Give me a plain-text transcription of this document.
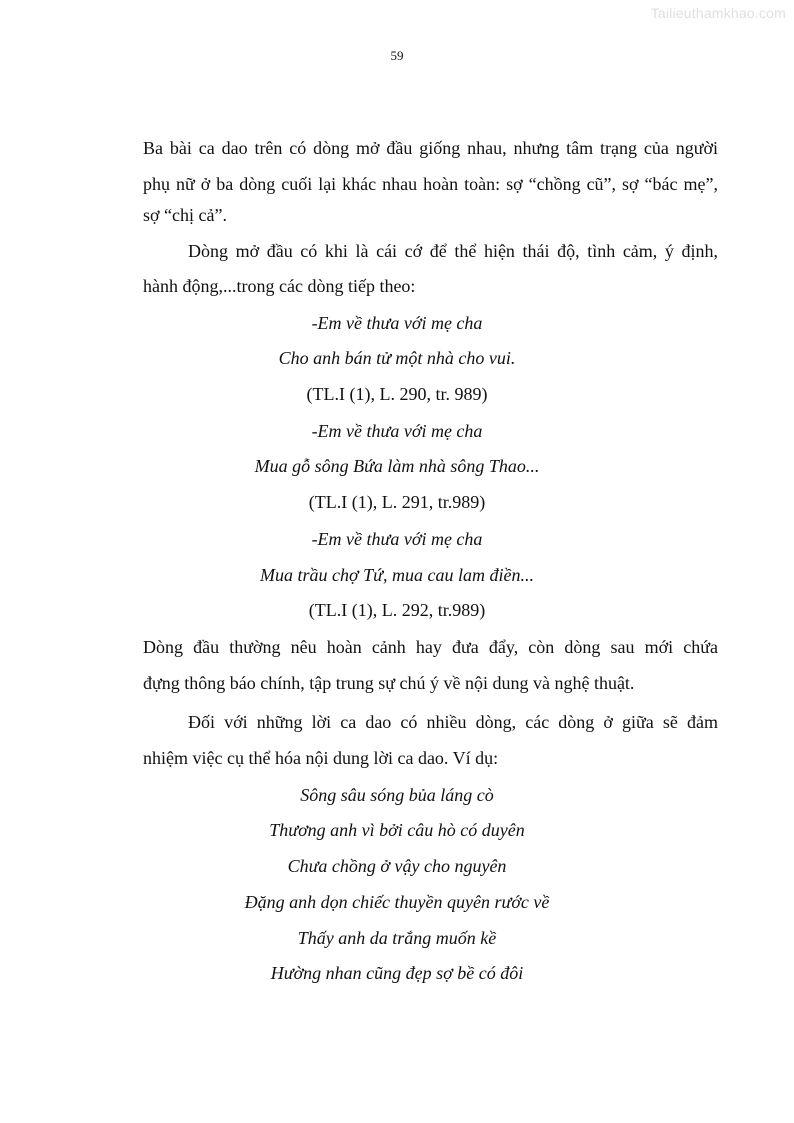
Tailieuthamkhao.com
59
Ba bài ca dao trên có dòng mở đầu giống nhau, nhưng tâm trạng của người
phụ nữ ở ba dòng cuối lại khác nhau hoàn toàn: sợ “chồng cũ”, sợ “bác mẹ”,
sợ “chị cả”.
Dòng mở đầu có khi là cái cớ để thể hiện thái độ, tình cảm, ý định,
hành động,...trong các dòng tiếp theo:
-Em về thưa với mẹ cha
Cho anh bán tử một nhà cho vui.
(TL.I (1), L. 290, tr. 989)
-Em về thưa với mẹ cha
Mua gỗ sông Bứa làm nhà sông Thao...
(TL.I (1), L. 291, tr.989)
-Em về thưa với mẹ cha
Mua trầu chợ Tứ, mua cau lam điền...
(TL.I (1), L. 292, tr.989)
Dòng đầu thường nêu hoàn cảnh hay đưa đẩy, còn dòng sau mới chứa
đựng thông báo chính, tập trung sự chú ý về nội dung và nghệ thuật.
Đối với những lời ca dao có nhiều dòng, các dòng ở giữa sẽ đảm
nhiệm việc cụ thể hóa nội dung lời ca dao. Ví dụ:
Sông sâu sóng bủa láng cò
Thương anh vì bởi câu hò có duyên
Chưa chồng ở vậy cho nguyên
Đặng anh dọn chiếc thuyền quyên rước về
Thấy anh da trắng muốn kề
Hường nhan cũng đẹp sợ bề có đôi
